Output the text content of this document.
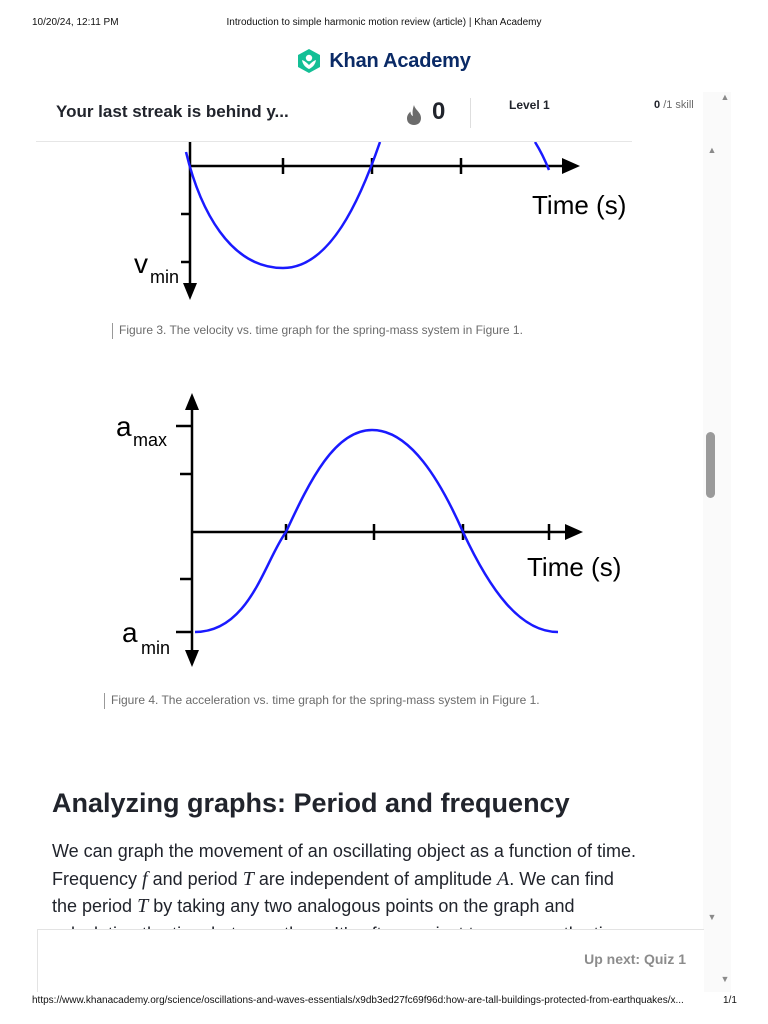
10/20/24, 12:11 PM	Introduction to simple harmonic motion review (article) | Khan Academy
Khan Academy
▲
▲
▼
▼
Time (s)
v min
Figure 3. The velocity vs. time graph for the spring-mass system in Figure 1.
Time (s)
a max
a min
Figure 4. The acceleration vs. time graph for the spring-mass system in Figure 1.
Analyzing graphs: Period and frequency

We can graph the movement of an oscillating object as a function of time.
Frequency f and period T are independent of amplitude A. We can find
the period T by taking any two analogous points on the graph and

Your last streak is behind y...	0	Level 1	0 /1 skill
Up next: Quiz 1
https://www.khanacademy.org/science/oscillations-and-waves-essentials/x9db3ed27fc69f96d:how-are-tall-buildings-protected-from-earthquakes/x...	1/1
